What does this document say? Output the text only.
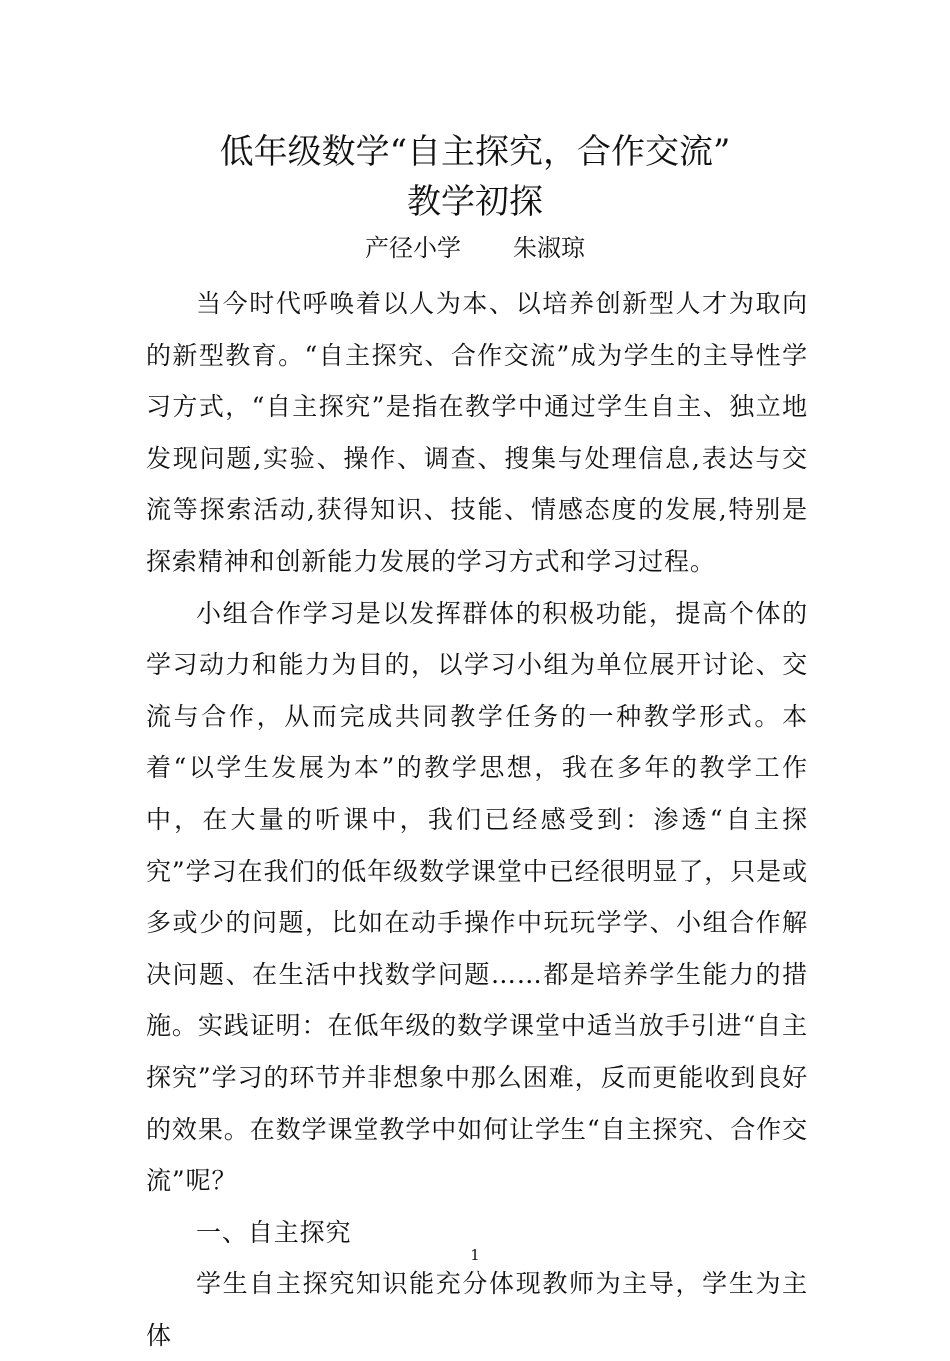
低年级数学“自主探究，合作交流”
教学初探
产径小学 朱淑琼

当今时代呼唤着以人为本、以培养创新型人才为取向的新型教育。“自主探究、合作交流”成为学生的主导性学习方式，“自主探究”是指在教学中通过学生自主、独立地发现问题,实验、操作、调查、搜集与处理信息,表达与交流等探索活动,获得知识、技能、情感态度的发展,特别是探索精神和创新能力发展的学习方式和学习过程。

小组合作学习是以发挥群体的积极功能，提高个体的学习动力和能力为目的，以学习小组为单位展开讨论、交流与合作，从而完成共同教学任务的一种教学形式。本着“以学生发展为本”的教学思想，我在多年的教学工作中，在大量的听课中，我们已经感受到：渗透“自主探究”学习在我们的低年级数学课堂中已经很明显了，只是或多或少的问题，比如在动手操作中玩玩学学、小组合作解决问题、在生活中找数学问题……都是培养学生能力的措施。实践证明：在低年级的数学课堂中适当放手引进“自主探究”学习的环节并非想象中那么困难，反而更能收到良好的效果。在数学课堂教学中如何让学生“自主探究、合作交流”呢？

一、自主探究

学生自主探究知识能充分体现教师为主导，学生为主体

1
